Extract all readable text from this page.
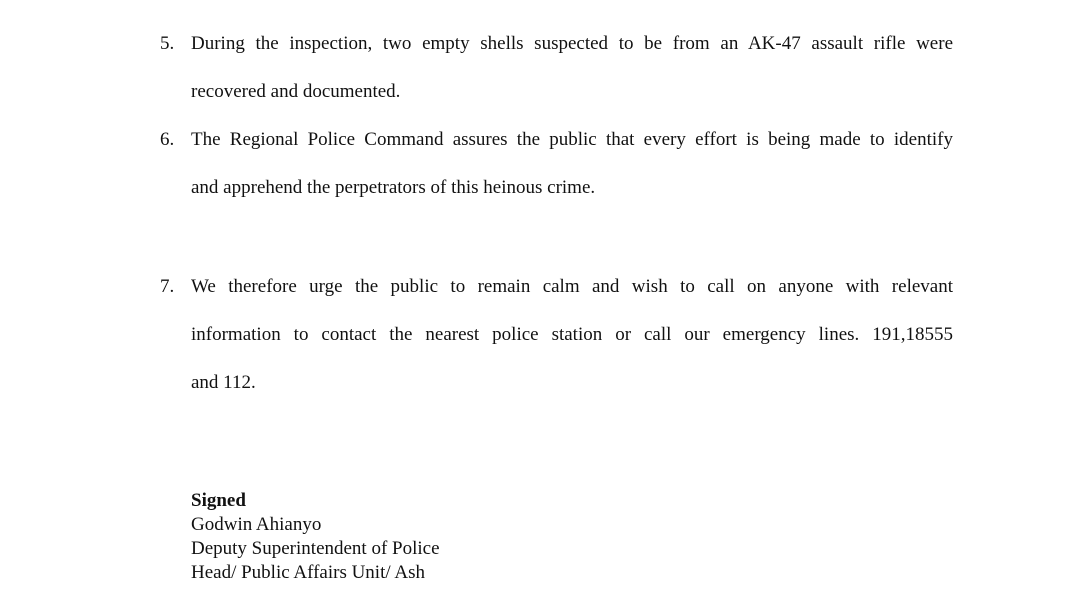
5. During the inspection, two empty shells suspected to be from an AK-47 assault rifle were
recovered and documented.
6. The Regional Police Command assures the public that every effort is being made to identify
and apprehend the perpetrators of this heinous crime.
7. We therefore urge the public to remain calm and wish to call on anyone with relevant
information to contact the nearest police station or call our emergency lines. 191,18555
and 112.
Signed
Godwin Ahianyo
Deputy Superintendent of Police
Head/ Public Affairs Unit/ Ash
